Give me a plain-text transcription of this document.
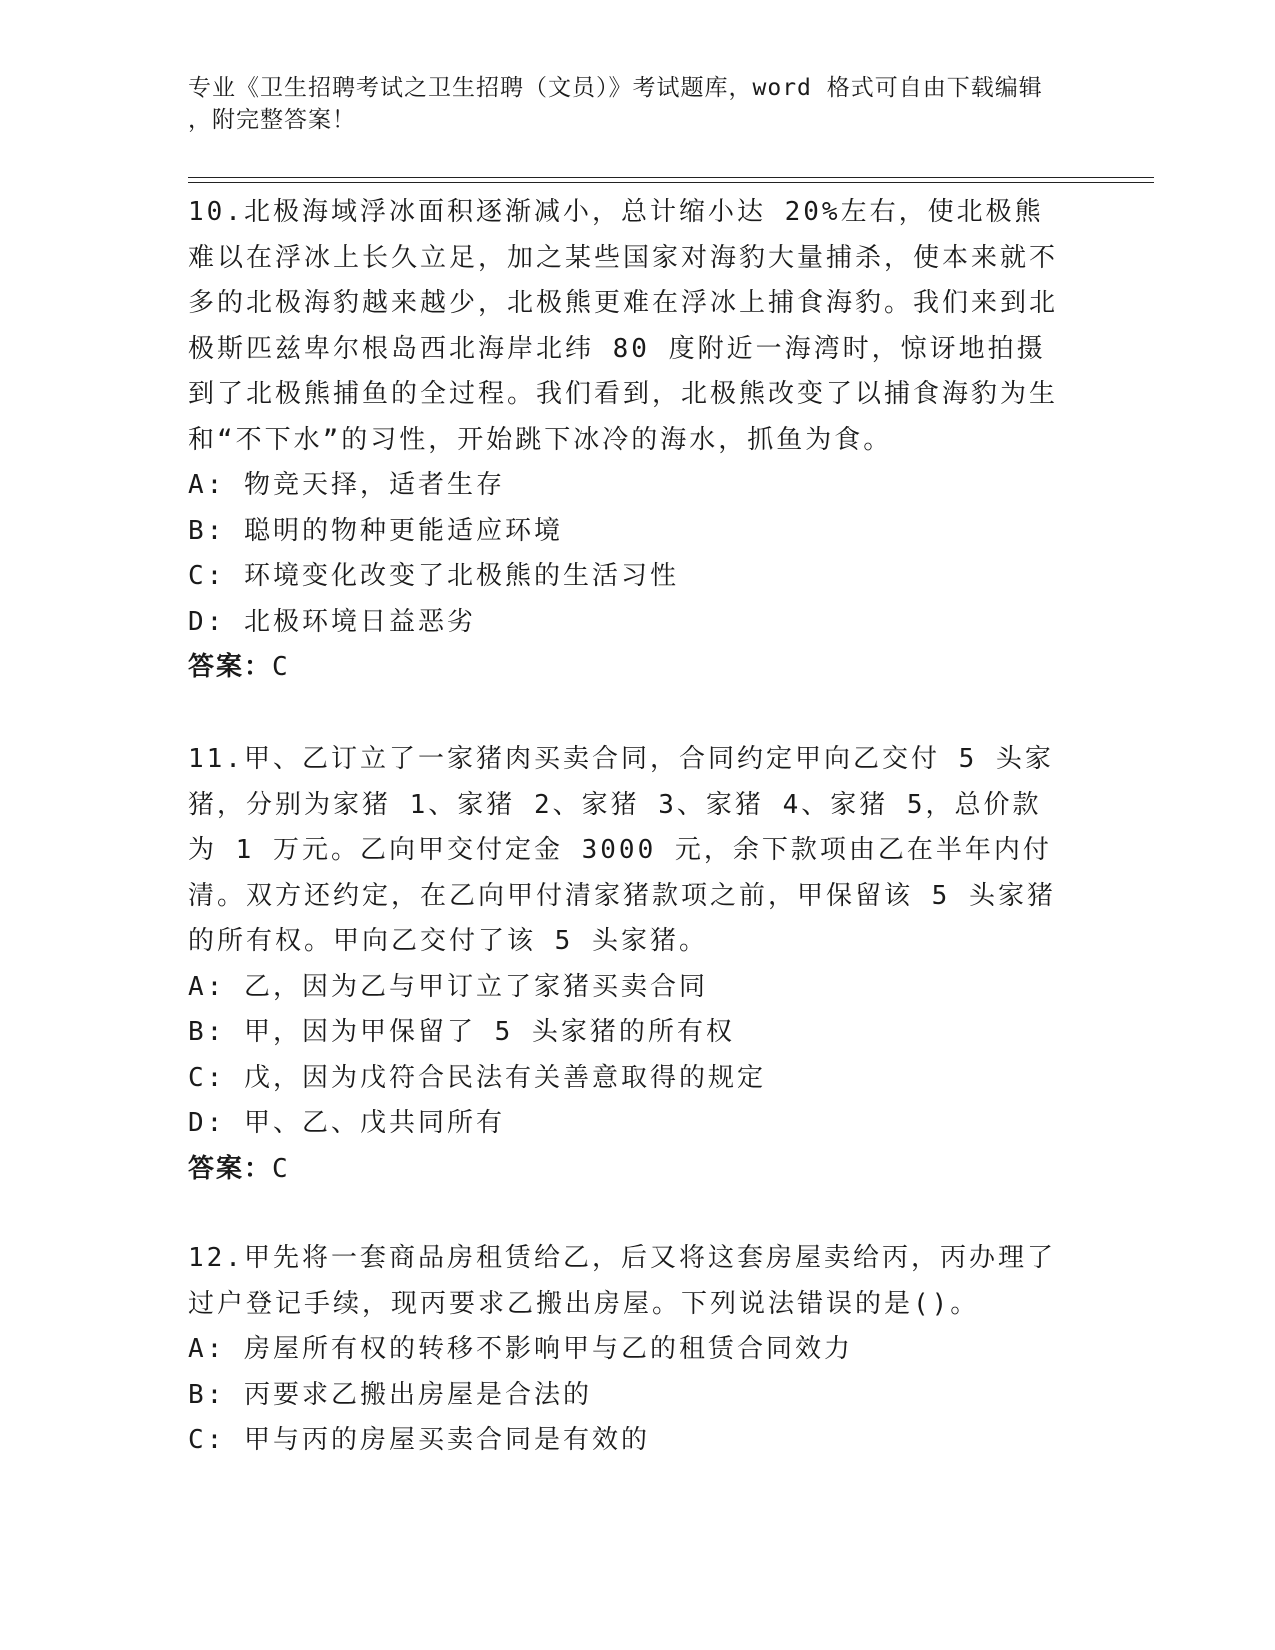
专业《卫生招聘考试之卫生招聘（文员）》考试题库，word 格式可自由下载编辑
，附完整答案！

10.北极海域浮冰面积逐渐减小，总计缩小达 20%左右，使北极熊难以在浮冰上长久立足，加之某些国家对海豹大量捕杀，使本来就不多的北极海豹越来越少，北极熊更难在浮冰上捕食海豹。我们来到北极斯匹兹卑尔根岛西北海岸北纬 80 度附近一海湾时，惊讶地拍摄到了北极熊捕鱼的全过程。我们看到，北极熊改变了以捕食海豹为生和“不下水”的习性，开始跳下冰冷的海水，抓鱼为食。

A: 物竞天择，适者生存

B: 聪明的物种更能适应环境

C: 环境变化改变了北极熊的生活习性

D: 北极环境日益恶劣

答案：C

11.甲、乙订立了一家猪肉买卖合同，合同约定甲向乙交付 5 头家猪，分别为家猪 1、家猪 2、家猪 3、家猪 4、家猪 5，总价款为 1 万元。乙向甲交付定金 3000 元，余下款项由乙在半年内付清。双方还约定，在乙向甲付清家猪款项之前，甲保留该 5 头家猪的所有权。甲向乙交付了该 5 头家猪。

A: 乙，因为乙与甲订立了家猪买卖合同

B: 甲，因为甲保留了 5 头家猪的所有权

C: 戊，因为戊符合民法有关善意取得的规定

D: 甲、乙、戊共同所有

答案：C

12.甲先将一套商品房租赁给乙，后又将这套房屋卖给丙，丙办理了过户登记手续，现丙要求乙搬出房屋。下列说法错误的是()。

A: 房屋所有权的转移不影响甲与乙的租赁合同效力

B: 丙要求乙搬出房屋是合法的

C: 甲与丙的房屋买卖合同是有效的
